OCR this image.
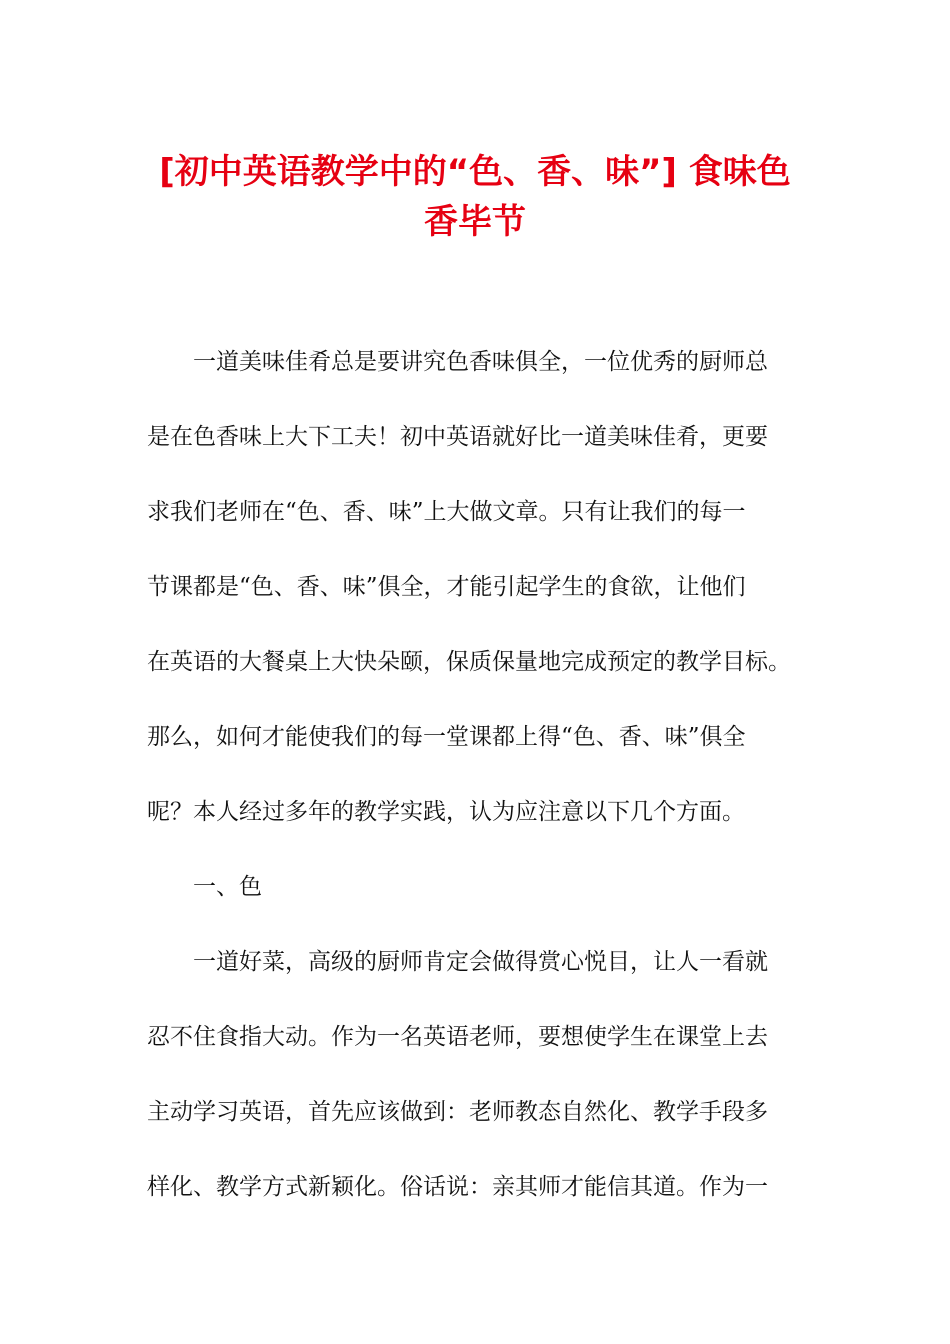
[初中英语教学中的“色、香、味”] 食味色
香毕节
一道美味佳肴总是要讲究色香味俱全，一位优秀的厨师总
是在色香味上大下工夫！初中英语就好比一道美味佳肴，更要
求我们老师在“色、香、味”上大做文章。只有让我们的每一
节课都是“色、香、味”俱全，才能引起学生的食欲，让他们
在英语的大餐桌上大快朵颐，保质保量地完成预定的教学目标。
那么，如何才能使我们的每一堂课都上得“色、香、味”俱全
呢？本人经过多年的教学实践，认为应注意以下几个方面。
一、色
一道好菜，高级的厨师肯定会做得赏心悦目，让人一看就
忍不住食指大动。作为一名英语老师，要想使学生在课堂上去
主动学习英语，首先应该做到：老师教态自然化、教学手段多
样化、教学方式新颖化。俗话说：亲其师才能信其道。作为一
